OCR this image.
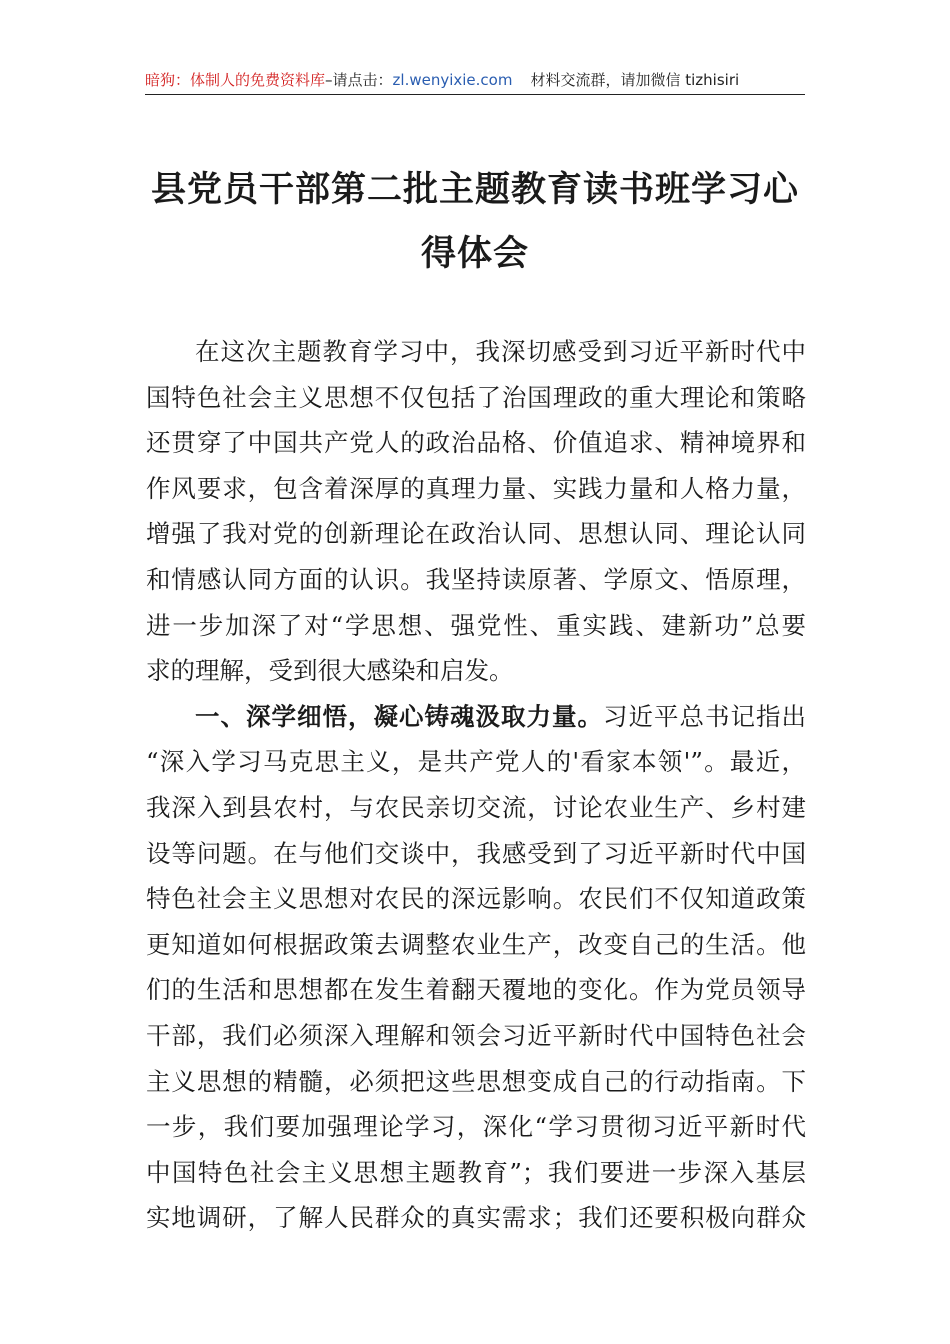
暗狗：体制人的免费资料库–请点击：zl.wenyixie.com 材料交流群，请加微信 tizhisiri
县党员干部第二批主题教育读书班学习心
得体会
在这次主题教育学习中，我深切感受到习近平新时代中
国特色社会主义思想不仅包括了治国理政的重大理论和策略
还贯穿了中国共产党人的政治品格、价值追求、精神境界和
作风要求，包含着深厚的真理力量、实践力量和人格力量，
增强了我对党的创新理论在政治认同、思想认同、理论认同
和情感认同方面的认识。我坚持读原著、学原文、悟原理，
进一步加深了对“学思想、强党性、重实践、建新功”总要
求的理解，受到很大感染和启发。
一、深学细悟，凝心铸魂汲取力量。习近平总书记指出
“深入学习马克思主义，是共产党人的'看家本领'”。最近，
我深入到县农村，与农民亲切交流，讨论农业生产、乡村建
设等问题。在与他们交谈中，我感受到了习近平新时代中国
特色社会主义思想对农民的深远影响。农民们不仅知道政策
更知道如何根据政策去调整农业生产，改变自己的生活。他
们的生活和思想都在发生着翻天覆地的变化。作为党员领导
干部，我们必须深入理解和领会习近平新时代中国特色社会
主义思想的精髓，必须把这些思想变成自己的行动指南。下
一步，我们要加强理论学习，深化“学习贯彻习近平新时代
中国特色社会主义思想主题教育”；我们要进一步深入基层
实地调研，了解人民群众的真实需求；我们还要积极向群众
